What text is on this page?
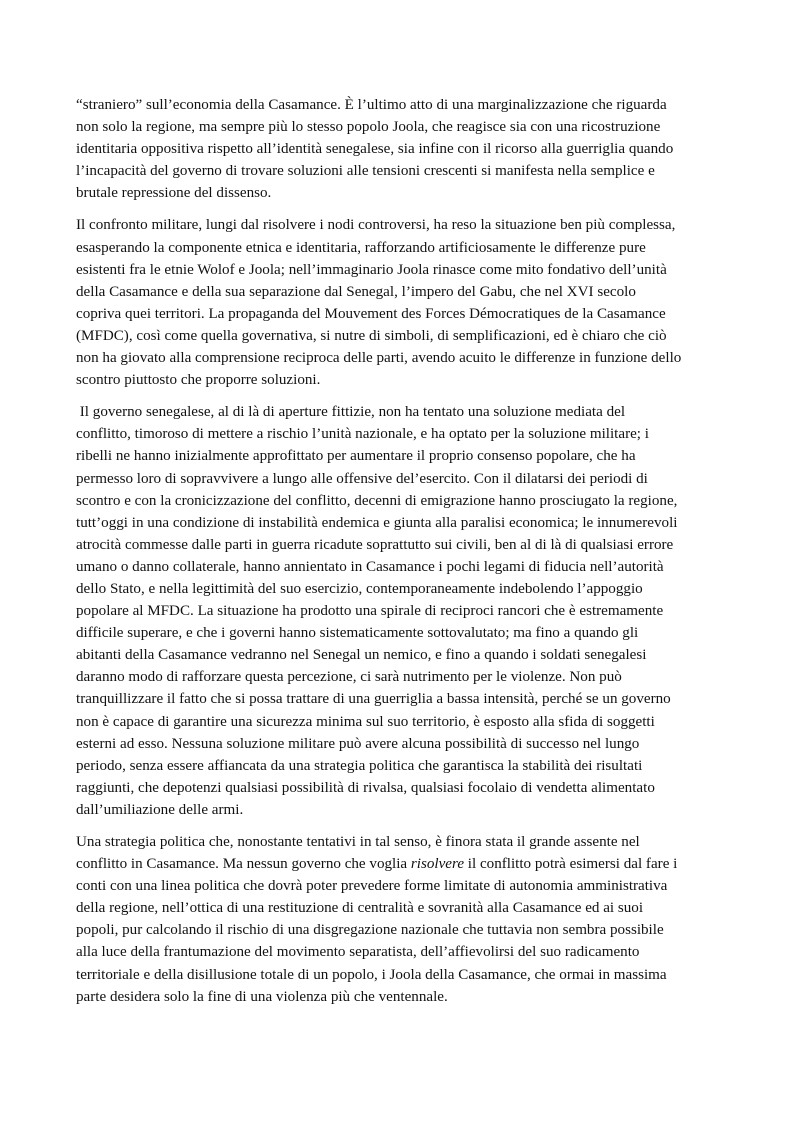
“straniero” sull’economia della Casamance. È l’ultimo atto di una marginalizzazione che riguarda
non solo la regione, ma sempre più lo stesso popolo Joola, che reagisce sia con una ricostruzione
identitaria oppositiva rispetto all’identità senegalese, sia infine con il ricorso alla guerriglia quando
l’incapacità del governo di trovare soluzioni alle tensioni crescenti si manifesta nella semplice e
brutale repressione del dissenso.
Il confronto militare, lungi dal risolvere i nodi controversi, ha reso la situazione ben più complessa,
esasperando la componente etnica e identitaria, rafforzando artificiosamente le differenze pure
esistenti fra le etnie Wolof e Joola; nell’immaginario Joola rinasce come mito fondativo dell’unità
della Casamance e della sua separazione dal Senegal, l’impero del Gabu, che nel XVI secolo
copriva quei territori. La propaganda del Mouvement des Forces Démocratiques de la Casamance
(MFDC), così come quella governativa, si nutre di simboli, di semplificazioni, ed è chiaro che ciò
non ha giovato alla comprensione reciproca delle parti, avendo acuito le differenze in funzione dello
scontro piuttosto che proporre soluzioni.
Il governo senegalese, al di là di aperture fittizie, non ha tentato una soluzione mediata del
conflitto, timoroso di mettere a rischio l’unità nazionale, e ha optato per la soluzione militare; i
ribelli ne hanno inizialmente approfittato per aumentare il proprio consenso popolare, che ha
permesso loro di sopravvivere a lungo alle offensive del’esercito. Con il dilatarsi dei periodi di
scontro e con la cronicizzazione del conflitto, decenni di emigrazione hanno prosciugato la regione,
tutt’oggi in una condizione di instabilità endemica e giunta alla paralisi economica; le innumerevoli
atrocità commesse dalle parti in guerra ricadute soprattutto sui civili, ben al di là di qualsiasi errore
umano o danno collaterale, hanno annientato in Casamance i pochi legami di fiducia nell’autorità
dello Stato, e nella legittimità del suo esercizio, contemporaneamente indebolendo l’appoggio
popolare al MFDC. La situazione ha prodotto una spirale di reciproci rancori che è estremamente
difficile superare, e che i governi hanno sistematicamente sottovalutato; ma fino a quando gli
abitanti della Casamance vedranno nel Senegal un nemico, e fino a quando i soldati senegalesi
daranno modo di rafforzare questa percezione, ci sarà nutrimento per le violenze. Non può
tranquillizzare il fatto che si possa trattare di una guerriglia a bassa intensità, perché se un governo
non è capace di garantire una sicurezza minima sul suo territorio, è esposto alla sfida di soggetti
esterni ad esso. Nessuna soluzione militare può avere alcuna possibilità di successo nel lungo
periodo, senza essere affiancata da una strategia politica che garantisca la stabilità dei risultati
raggiunti, che depotenzi qualsiasi possibilità di rivalsa, qualsiasi focolaio di vendetta alimentato
dall’umiliazione delle armi.
Una strategia politica che, nonostante tentativi in tal senso, è finora stata il grande assente nel
conflitto in Casamance. Ma nessun governo che voglia risolvere il conflitto potrà esimersi dal fare i
conti con una linea politica che dovrà poter prevedere forme limitate di autonomia amministrativa
della regione, nell’ottica di una restituzione di centralità e sovranità alla Casamance ed ai suoi
popoli, pur calcolando il rischio di una disgregazione nazionale che tuttavia non sembra possibile
alla luce della frantumazione del movimento separatista, dell’affievolirsi del suo radicamento
territoriale e della disillusione totale di un popolo, i Joola della Casamance, che ormai in massima
parte desidera solo la fine di una violenza più che ventennale.
